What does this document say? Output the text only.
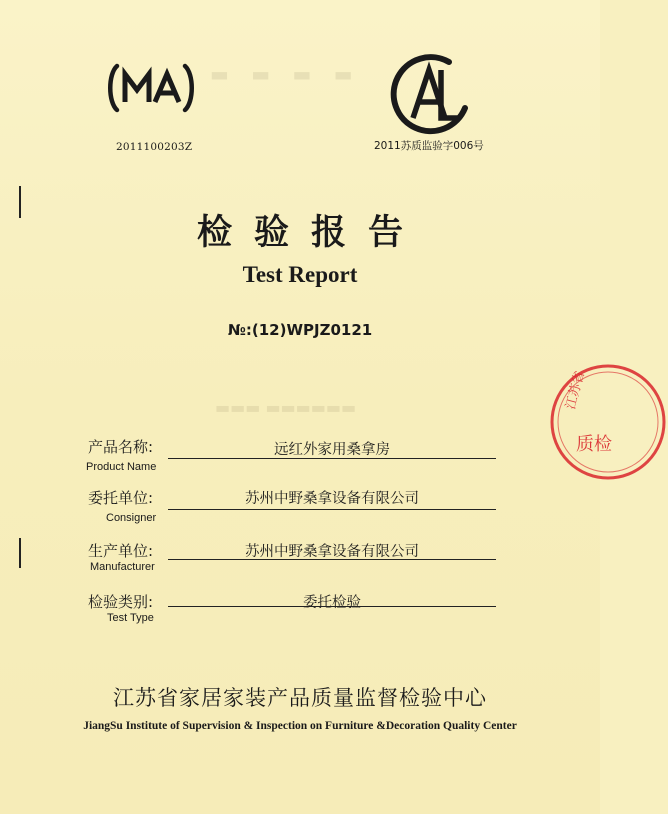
▬ ▬ ▬ ▬
▬▬▬ ▬▬▬▬▬▬
2011100203Z	2011苏质监验字006号
检验报告
Test Report
№:(12)WPJZ0121
产品名称:
Product Name
远红外家用桑拿房
委托单位:
Consigner
苏州中野桑拿设备有限公司
生产单位:
Manufacturer
苏州中野桑拿设备有限公司
检验类别:
Test Type
委托检验
江苏省家居家装产品质量监督检验中心
JiangSu Institute of Supervision & Inspection on Furniture &Decoration Quality Center
江苏省
质检
